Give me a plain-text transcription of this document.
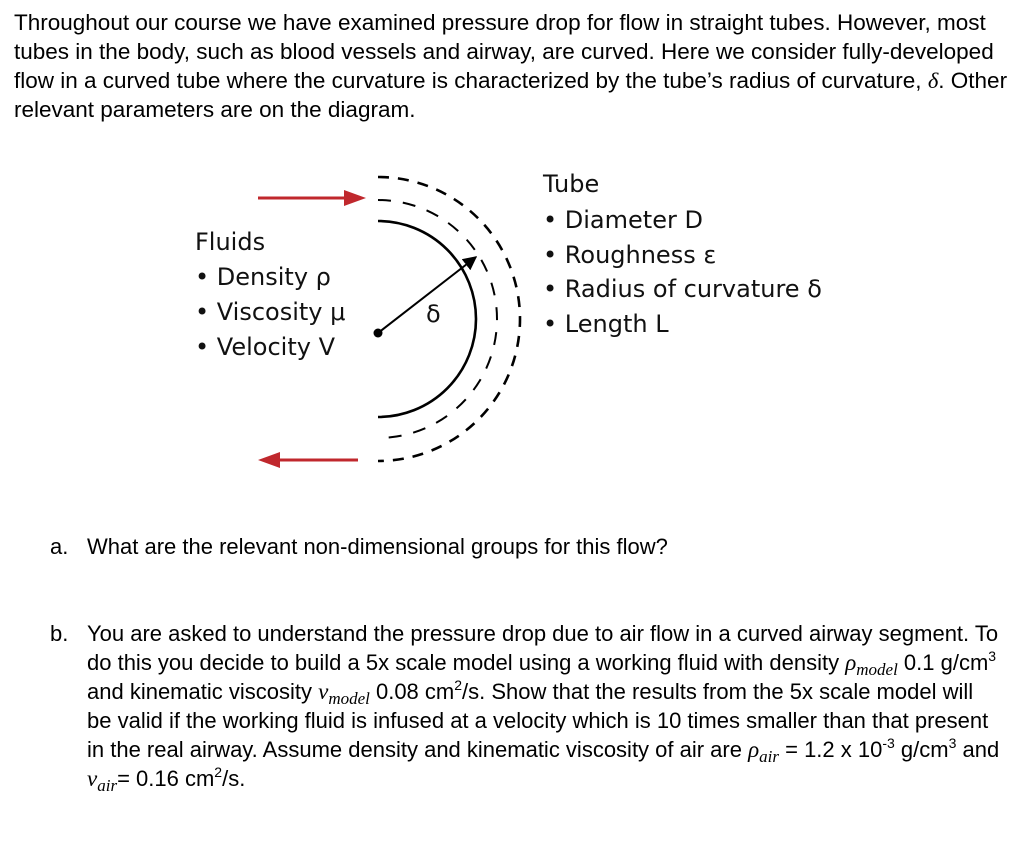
Throughout our course we have examined pressure drop for flow in straight tubes. However, most tubes in the body, such as blood vessels and airway, are curved. Here we consider fully-developed flow in a curved tube where the curvature is characterized by the tube’s radius of curvature, δ. Other relevant parameters are on the diagram.

δ
Fluids
• Density ρ
• Viscosity μ
• Velocity V
Tube
• Diameter D
• Roughness ε
• Radius of curvature δ
• Length L
a. What are the relevant non-dimensional groups for this flow?
b. You are asked to understand the pressure drop due to air flow in a curved airway segment. To do this you decide to build a 5x scale model using a working fluid with density $\rho_{model}$ 0.1 $g/cm^3$ and kinematic viscosity $\nu_{model}$ 0.08 $cm^2/s$. Show that the results from the 5x scale model will be valid if the working fluid is infused at a velocity which is 10 times smaller than that present in the real airway. Assume density and kinematic viscosity of air are $\rho_{air} = 1.2$ x $10^{-3}$ $g/cm^3$ and $\nu_{air}= 0.16$ $cm^2/s$.
